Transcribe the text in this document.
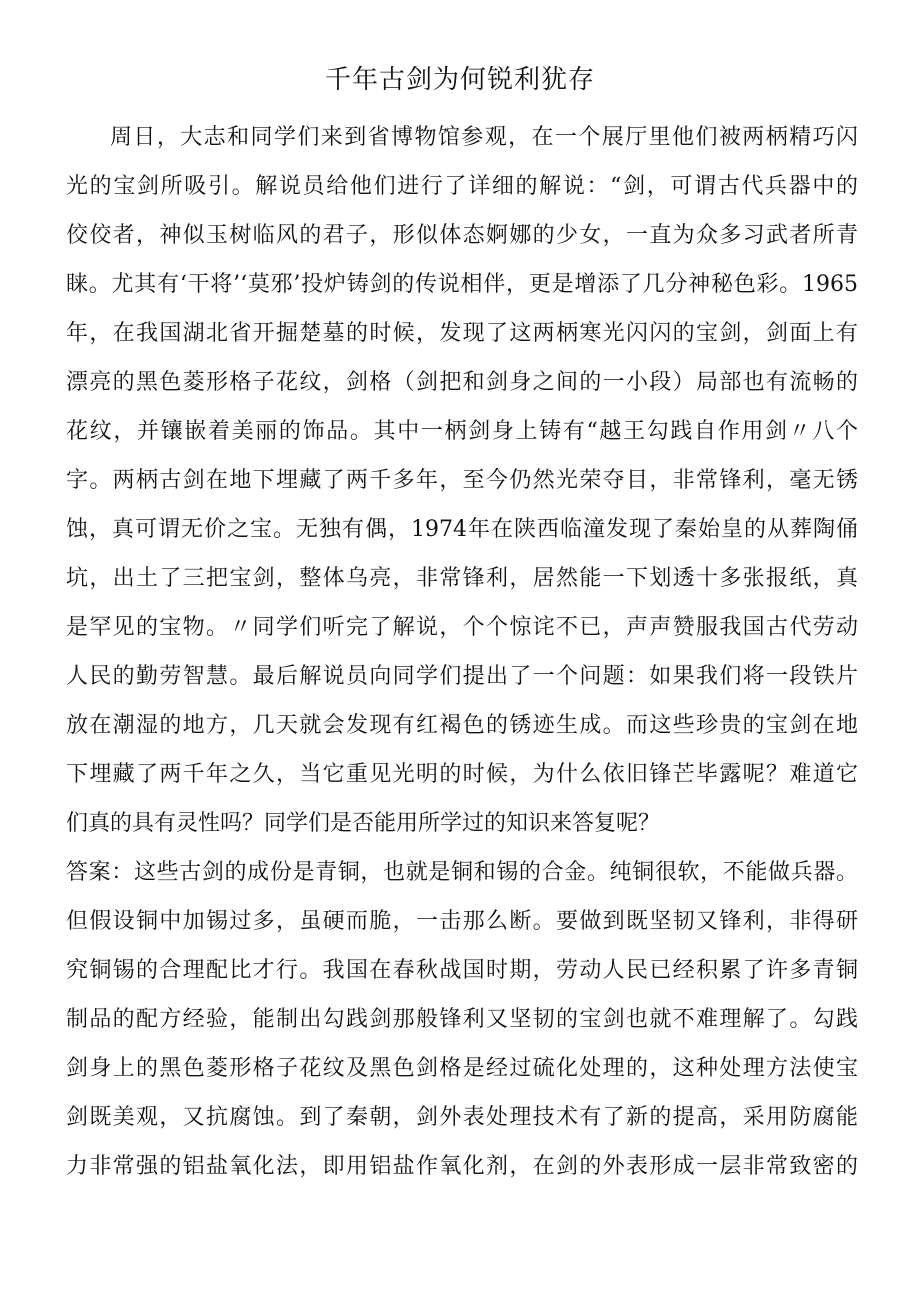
千年古剑为何锐利犹存
周日，大志和同学们来到省博物馆参观，在一个展厅里他们被两柄精巧闪
光的宝剑所吸引。解说员给他们进行了详细的解说：“剑，可谓古代兵器中的
佼佼者，神似玉树临风的君子，形似体态婀娜的少女，一直为众多习武者所青
睐。尤其有‘干将’‘莫邪’投炉铸剑的传说相伴，更是增添了几分神秘色彩。1965
年，在我国湖北省开掘楚墓的时候，发现了这两柄寒光闪闪的宝剑，剑面上有
漂亮的黑色菱形格子花纹，剑格（剑把和剑身之间的一小段）局部也有流畅的
花纹，并镶嵌着美丽的饰品。其中一柄剑身上铸有“越王勾践自作用剑〃八个
字。两柄古剑在地下埋藏了两千多年，至今仍然光荣夺目，非常锋利，毫无锈
蚀，真可谓无价之宝。无独有偶，1974年在陕西临潼发现了秦始皇的从葬陶俑
坑，出土了三把宝剑，整体乌亮，非常锋利，居然能一下划透十多张报纸，真
是罕见的宝物。〃同学们听完了解说，个个惊诧不已，声声赞服我国古代劳动
人民的勤劳智慧。最后解说员向同学们提出了一个问题：如果我们将一段铁片
放在潮湿的地方，几天就会发现有红褐色的锈迹生成。而这些珍贵的宝剑在地
下埋藏了两千年之久，当它重见光明的时候，为什么依旧锋芒毕露呢？难道它
们真的具有灵性吗？同学们是否能用所学过的知识来答复呢？
答案：这些古剑的成份是青铜，也就是铜和锡的合金。纯铜很软，不能做兵器。
但假设铜中加锡过多，虽硬而脆，一击那么断。要做到既坚韧又锋利，非得研
究铜锡的合理配比才行。我国在春秋战国时期，劳动人民已经积累了许多青铜
制品的配方经验，能制出勾践剑那般锋利又坚韧的宝剑也就不难理解了。勾践
剑身上的黑色菱形格子花纹及黑色剑格是经过硫化处理的，这种处理方法使宝
剑既美观，又抗腐蚀。到了秦朝，剑外表处理技术有了新的提高，采用防腐能
力非常强的铝盐氧化法，即用铝盐作氧化剂，在剑的外表形成一层非常致密的
